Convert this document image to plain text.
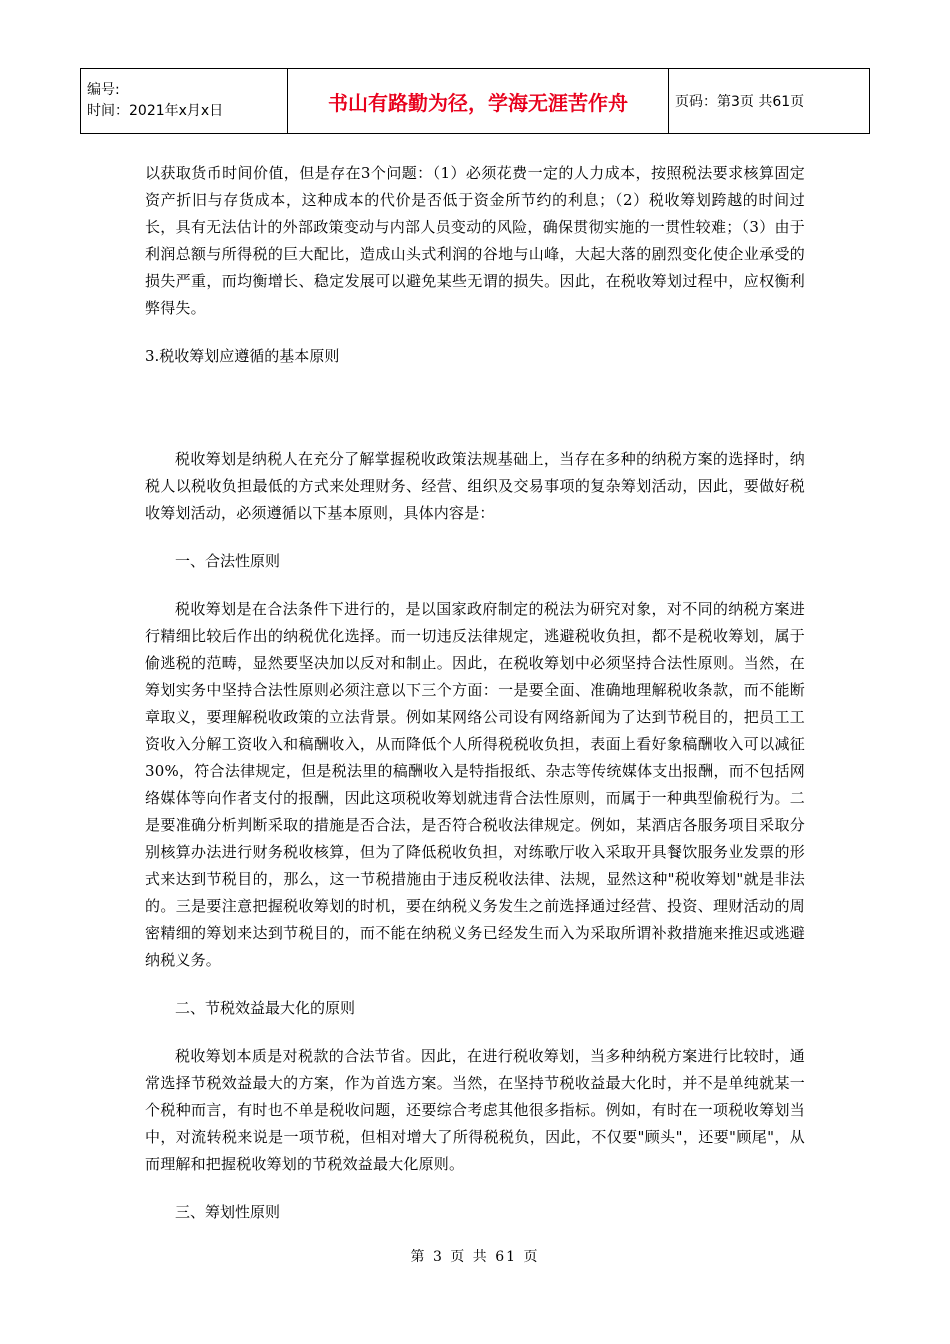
编号:
时间：2021年x月x日	书山有路勤为径，学海无涯苦作舟	页码：第3页 共61页

以获取货币时间价值，但是存在3个问题：（1）必须花费一定的人力成本，按照税法要求核算固定资产折旧与存货成本，这种成本的代价是否低于资金所节约的利息；（2）税收筹划跨越的时间过长，具有无法估计的外部政策变动与内部人员变动的风险，确保贯彻实施的一贯性较难；（3）由于利润总额与所得税的巨大配比，造成山头式利润的谷地与山峰，大起大落的剧烈变化使企业承受的损失严重，而均衡增长、稳定发展可以避免某些无谓的损失。因此，在税收筹划过程中，应权衡利弊得失。

3.税收筹划应遵循的基本原则

税收筹划是纳税人在充分了解掌握税收政策法规基础上，当存在多种的纳税方案的选择时，纳税人以税收负担最低的方式来处理财务、经营、组织及交易事项的复杂筹划活动，因此，要做好税收筹划活动，必须遵循以下基本原则，具体内容是：

一、合法性原则

税收筹划是在合法条件下进行的，是以国家政府制定的税法为研究对象，对不同的纳税方案进行精细比较后作出的纳税优化选择。而一切违反法律规定，逃避税收负担，都不是税收筹划，属于偷逃税的范畴，显然要坚决加以反对和制止。因此，在税收筹划中必须坚持合法性原则。当然，在筹划实务中坚持合法性原则必须注意以下三个方面：一是要全面、准确地理解税收条款，而不能断章取义，要理解税收政策的立法背景。例如某网络公司设有网络新闻为了达到节税目的，把员工工资收入分解工资收入和稿酬收入，从而降低个人所得税税收负担，表面上看好象稿酬收入可以减征30%，符合法律规定，但是税法里的稿酬收入是特指报纸、杂志等传统媒体支出报酬，而不包括网络媒体等向作者支付的报酬，因此这项税收筹划就违背合法性原则，而属于一种典型偷税行为。二是要准确分析判断采取的措施是否合法，是否符合税收法律规定。例如，某酒店各服务项目采取分别核算办法进行财务税收核算，但为了降低税收负担，对练歌厅收入采取开具餐饮服务业发票的形式来达到节税目的，那么，这一节税措施由于违反税收法律、法规，显然这种"税收筹划"就是非法的。三是要注意把握税收筹划的时机，要在纳税义务发生之前选择通过经营、投资、理财活动的周密精细的筹划来达到节税目的，而不能在纳税义务已经发生而入为采取所谓补救措施来推迟或逃避纳税义务。

二、节税效益最大化的原则

税收筹划本质是对税款的合法节省。因此，在进行税收筹划，当多种纳税方案进行比较时，通常选择节税效益最大的方案，作为首选方案。当然，在坚持节税收益最大化时，并不是单纯就某一个税种而言，有时也不单是税收问题，还要综合考虑其他很多指标。例如，有时在一项税收筹划当中，对流转税来说是一项节税，但相对增大了所得税税负，因此，不仅要"顾头"，还要"顾尾"，从而理解和把握税收筹划的节税效益最大化原则。

三、筹划性原则

第 3 页 共 61 页
